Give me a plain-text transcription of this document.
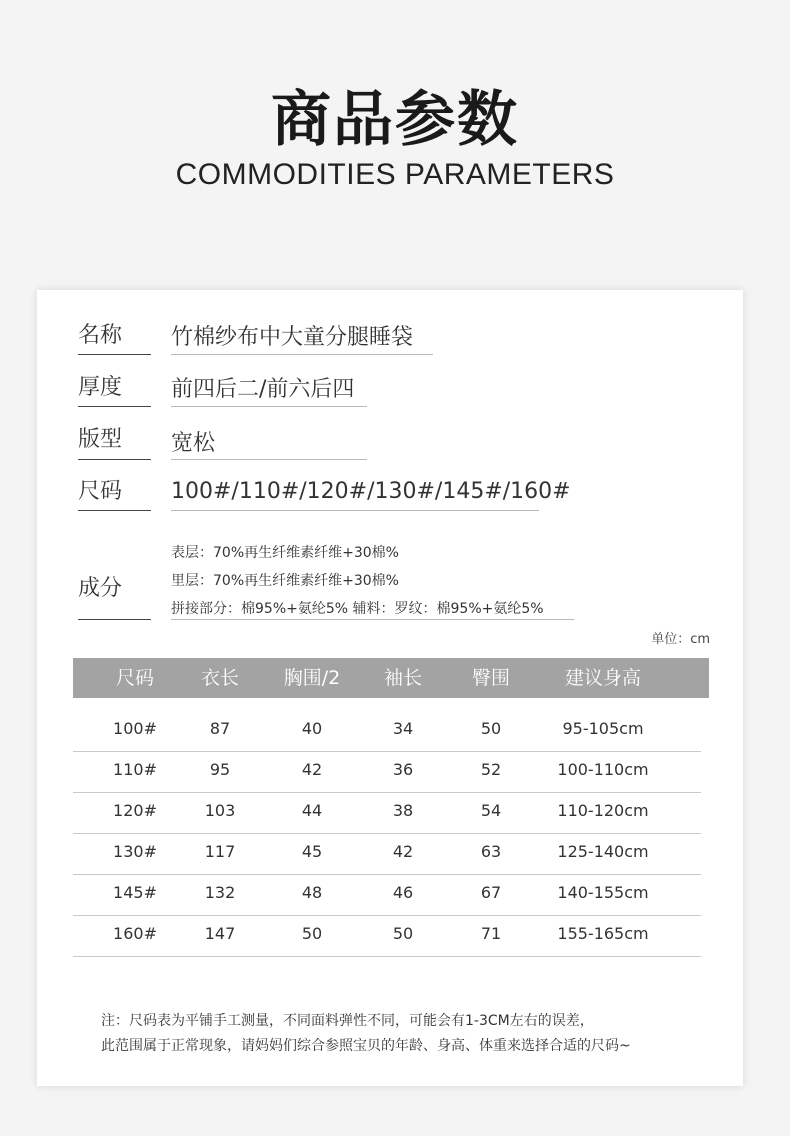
商品参数
COMMODITIES PARAMETERS
名称 竹棉纱布中大童分腿睡袋
厚度 前四后二/前六后四
版型 宽松
尺码 100#/110#/120#/130#/145#/160#
成分
表层：70%再生纤维素纤维+30棉%
里层：70%再生纤维素纤维+30棉%
拼接部分：棉95%+氨纶5% 辅料：罗纹：棉95%+氨纶5%
单位：cm
尺码 衣长 胸围/2 袖长	臀围	建议身高
100#	87	40	34	50	95-105cm
110#	95	42	36	52	100-110cm
120#	103	44	38	54	110-120cm
130#	117	45	42	63	125-140cm
145#	132	48	46	67	140-155cm
160#	147	50	50	71	155-165cm
注：尺码表为平铺手工测量，不同面料弹性不同，可能会有1-3CM左右的误差，
此范围属于正常现象，请妈妈们综合参照宝贝的年龄、身高、体重来选择合适的尺码~
